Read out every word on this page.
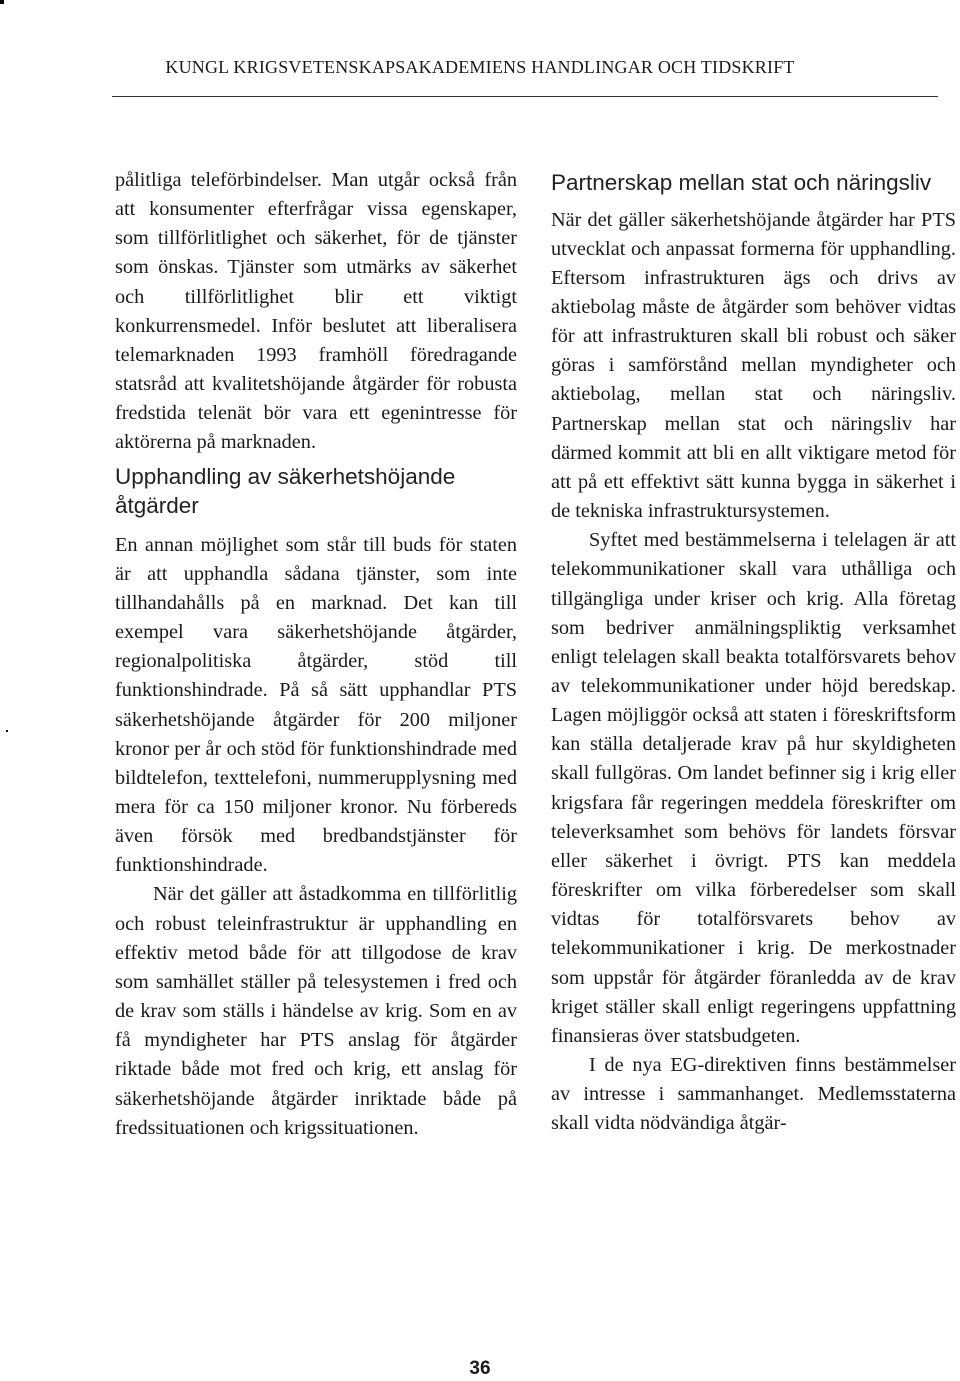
KUNGL KRIGSVETENSKAPSAKADEMIENS HANDLINGAR OCH TIDSKRIFT

pålitliga teleförbindelser. Man utgår också från att konsumenter efterfrågar vissa egenskaper, som tillförlitlighet och säkerhet, för de tjänster som önskas. Tjänster som utmärks av säkerhet och tillförlitlighet blir ett viktigt konkurrensmedel. Inför beslutet att liberalisera telemarknaden 1993 framhöll föredragande statsråd att kvalitetshöjande åtgärder för robusta fredstida telenät bör vara ett egenintresse för aktörerna på marknaden.

Upphandling av säkerhetshöjande åtgärder

En annan möjlighet som står till buds för staten är att upphandla sådana tjänster, som inte tillhandahålls på en marknad. Det kan till exempel vara säkerhetshöjande åtgärder, regionalpolitiska åtgärder, stöd till funktionshindrade. På så sätt upphandlar PTS säkerhetshöjande åtgärder för 200 miljoner kronor per år och stöd för funktionshindrade med bildtelefon, texttelefoni, nummerupplysning med mera för ca 150 miljoner kronor. Nu förbereds även försök med bredbandstjänster för funktionshindrade.

När det gäller att åstadkomma en tillförlitlig och robust teleinfrastruktur är upphandling en effektiv metod både för att tillgodose de krav som samhället ställer på telesystemen i fred och de krav som ställs i händelse av krig. Som en av få myndigheter har PTS anslag för åtgärder riktade både mot fred och krig, ett anslag för säkerhetshöjande åtgärder inriktade både på fredssituationen och krigssituationen.

Partnerskap mellan stat och näringsliv

När det gäller säkerhetshöjande åtgärder har PTS utvecklat och anpassat formerna för upphandling. Eftersom infrastrukturen ägs och drivs av aktiebolag måste de åtgärder som behöver vidtas för att infrastrukturen skall bli robust och säker göras i samförstånd mellan myndigheter och aktiebolag, mellan stat och näringsliv. Partnerskap mellan stat och näringsliv har därmed kommit att bli en allt viktigare metod för att på ett effektivt sätt kunna bygga in säkerhet i de tekniska infrastruktursystemen.

Syftet med bestämmelserna i telelagen är att telekommunikationer skall vara uthålliga och tillgängliga under kriser och krig. Alla företag som bedriver anmälningspliktig verksamhet enligt telelagen skall beakta totalförsvarets behov av telekommunikationer under höjd beredskap. Lagen möjliggör också att staten i föreskriftsform kan ställa detaljerade krav på hur skyldigheten skall fullgöras. Om landet befinner sig i krig eller krigsfara får regeringen meddela föreskrifter om televerksamhet som behövs för landets försvar eller säkerhet i övrigt. PTS kan meddela föreskrifter om vilka förberedelser som skall vidtas för totalförsvarets behov av telekommunikationer i krig. De merkostnader som uppstår för åtgärder föranledda av de krav kriget ställer skall enligt regeringens uppfattning finansieras över statsbudgeten.

I de nya EG-direktiven finns bestämmelser av intresse i sammanhanget. Medlemsstaterna skall vidta nödvändiga åtgär-

36
